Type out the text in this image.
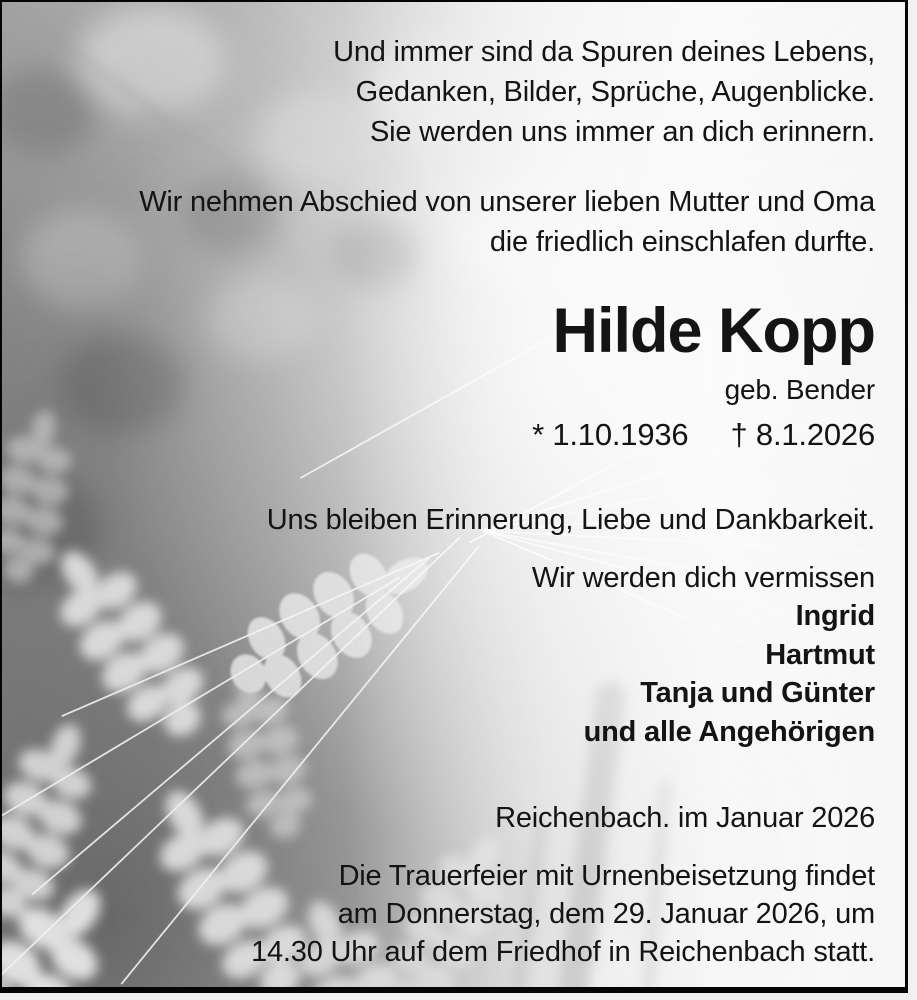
Und immer sind da Spuren deines Lebens,
Gedanken, Bilder, Sprüche, Augenblicke.
Sie werden uns immer an dich erinnern.
Wir nehmen Abschied von unserer lieben Mutter und Oma
die friedlich einschlafen durfte.
Hilde Kopp
geb. Bender
* 1.10.1936 † 8.1.2026
Uns bleiben Erinnerung, Liebe und Dankbarkeit.
Wir werden dich vermissen
Ingrid
Hartmut
Tanja und Günter
und alle Angehörigen
Reichenbach. im Januar 2026
Die Trauerfeier mit Urnenbeisetzung findet
am Donnerstag, dem 29. Januar 2026, um
14.30 Uhr auf dem Friedhof in Reichenbach statt.
